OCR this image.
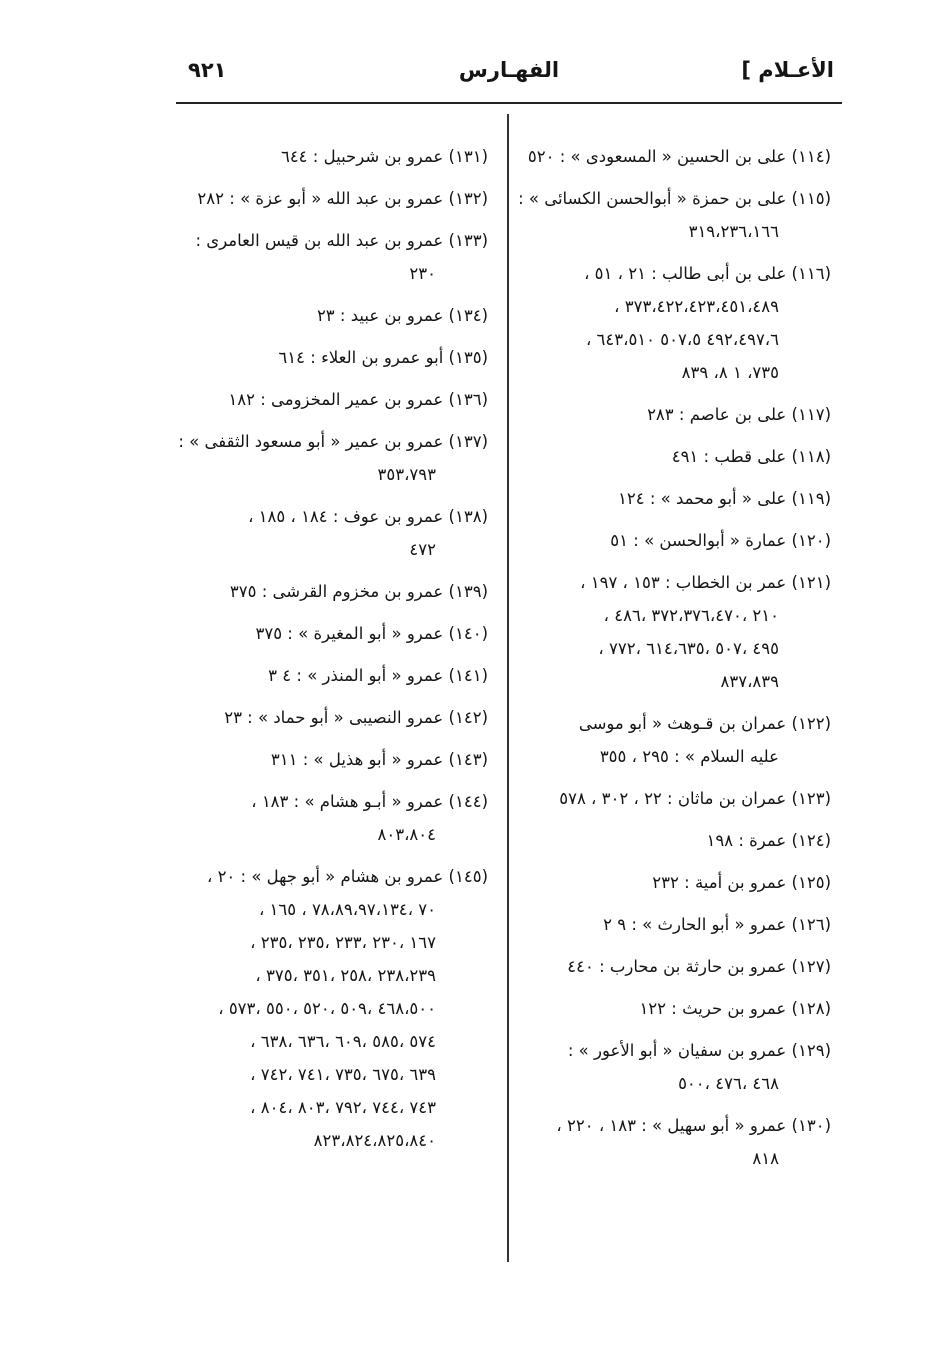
الأعـلام ]
الفهـارس
٩٢١
(١١٤) على بن الحسين « المسعودى » : ٥٢٠
(١١٥) على بن حمزة « أبوالحسن الكسائى » :
٣١٩،٢٣٦،١٦٦
(١١٦) على بن أبى طالب : ٢١ ، ٥١ ،
٣٧٣،٤٢٢،٤٢٣،٤٥١،٤٨٩ ،
٤٩٢،٤٩٧،٦ ٥٠٧،٥ ٦٤٣،٥١٠ ،
٧٣٥، ١ ٨، ٨٣٩
(١١٧) على بن عاصم : ٢٨٣
(١١٨) على قطب : ٤٩١
(١١٩) على « أبو محمد » : ١٢٤
(١٢٠) عمارة « أبوالحسن » : ٥١
(١٢١) عمر بن الخطاب : ١٥٣ ، ١٩٧ ،
٢١٠ ،٣٧٢،٣٧٦،٤٧٠ ،٤٨٦ ،
٤٩٥ ،٥٠٧ ،٦١٤،٦٣٥ ،٧٧٢ ،
٨٣٧،٨٣٩
(١٢٢) عمران بن قـوهث « أبو موسى
عليه السلام » : ٢٩٥ ، ٣٥٥
(١٢٣) عمران بن ماثان : ٢٢ ، ٣٠٢ ، ٥٧٨
(١٢٤) عمرة : ١٩٨
(١٢٥) عمرو بن أمية : ٢٣٢
(١٢٦) عمرو « أبو الحارث » : ٩ ٢
(١٢٧) عمرو بن حارثة بن محارب : ٤٤٠
(١٢٨) عمرو بن حريث : ١٢٢
(١٢٩) عمرو بن سفيان « أبو الأعور » :
٤٦٨ ،٤٧٦ ،٥٠٠
(١٣٠) عمرو « أبو سهيل » : ١٨٣ ، ٢٢٠ ،
٨١٨
(١٣١) عمرو بن شرحبيل : ٦٤٤
(١٣٢) عمرو بن عبد الله « أبو عزة » : ٢٨٢
(١٣٣) عمرو بن عبد الله بن قيس العامرى :
٢٣٠
(١٣٤) عمرو بن عبيد : ٢٣
(١٣٥) أبو عمرو بن العلاء : ٦١٤
(١٣٦) عمرو بن عمير المخزومى : ١٨٢
(١٣٧) عمرو بن عمير « أبو مسعود الثقفى » :
٣٥٣،٧٩٣
(١٣٨) عمرو بن عوف : ١٨٤ ، ١٨٥ ،
٤٧٢
(١٣٩) عمرو بن مخزوم القرشى : ٣٧٥
(١٤٠) عمرو « أبو المغيرة » : ٣٧٥
(١٤١) عمرو « أبو المنذر » : ٤ ٣
(١٤٢) عمرو النصيبى « أبو حماد » : ٢٣
(١٤٣) عمرو « أبو هذيل » : ٣١١
(١٤٤) عمرو « أبـو هشام » : ١٨٣ ،
٨٠٣،٨٠٤
(١٤٥) عمرو بن هشام « أبو جهل » : ٢٠ ،
٧٠ ،٧٨،٨٩،٩٧،١٣٤ ، ١٦٥ ،
١٦٧ ،٢٣٠ ،٢٣٣ ،٢٣٥ ،٢٣٥ ،
٢٣٨،٢٣٩ ،٢٥٨ ،٣٥١ ،٣٧٥ ،
٤٦٨،٥٠٠ ،٥٠٩ ،٥٢٠ ،٥٥٠ ،٥٧٣ ،
٥٧٤ ،٥٨٥ ،٦٠٩ ،٦٣٦ ،٦٣٨ ،
٦٣٩ ،٦٧٥ ،٧٣٥ ،٧٤١ ،٧٤٢ ،
٧٤٣ ،٧٤٤ ،٧٩٢ ،٨٠٣ ،٨٠٤ ،
٨٢٣،٨٢٤،٨٢٥،٨٤٠
